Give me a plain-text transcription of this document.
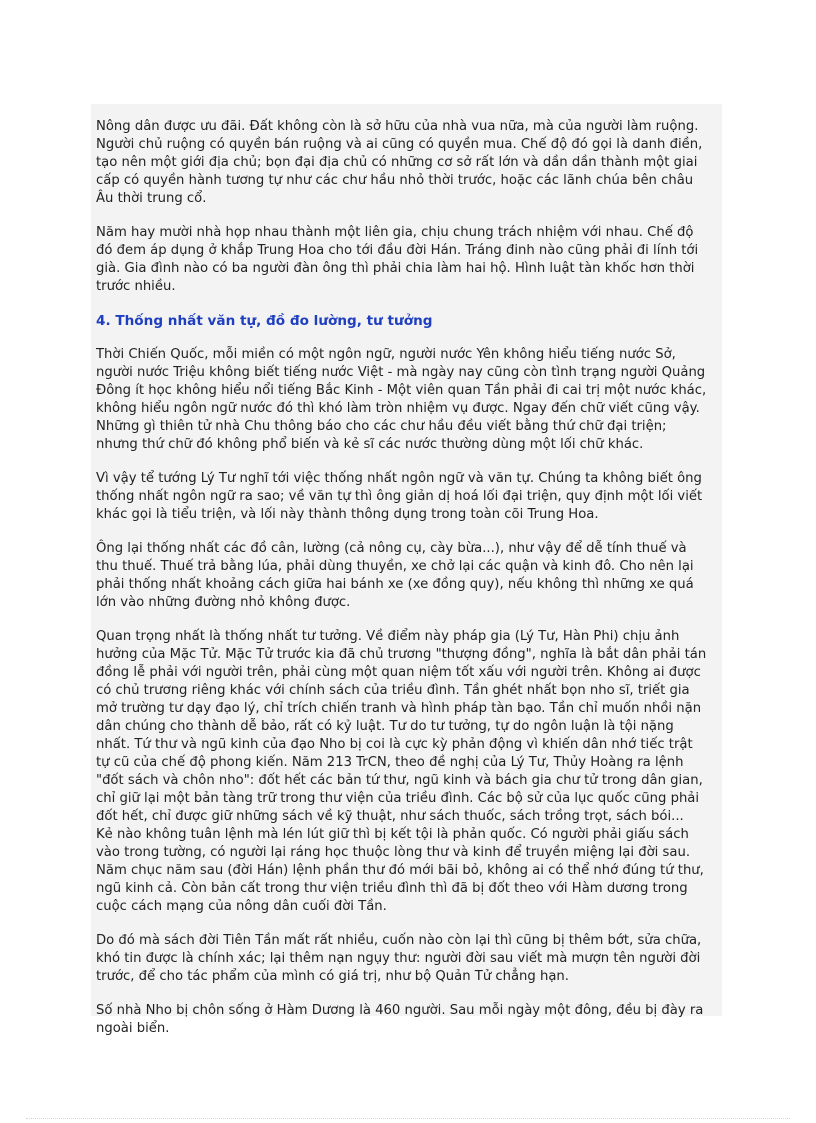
Nông dân được ưu đãi. Đất không còn là sở hữu của nhà vua nữa, mà của người làm ruộng.
Người chủ ruộng có quyền bán ruộng và ai cũng có quyền mua. Chế độ đó gọi là danh điền,
tạo nên một giới địa chủ; bọn đại địa chủ có những cơ sở rất lớn và dần dần thành một giai
cấp có quyền hành tương tự như các chư hầu nhỏ thời trước, hoặc các lãnh chúa bên châu
Âu thời trung cổ.

Năm hay mười nhà họp nhau thành một liên gia, chịu chung trách nhiệm với nhau. Chế độ
đó đem áp dụng ở khắp Trung Hoa cho tới đầu đời Hán. Tráng đinh nào cũng phải đi lính tới
già. Gia đình nào có ba người đàn ông thì phải chia làm hai hộ. Hình luật tàn khốc hơn thời
trước nhiều.

4. Thống nhất văn tự, đồ đo lường, tư tưởng

Thời Chiến Quốc, mỗi miền có một ngôn ngữ, người nước Yên không hiểu tiếng nước Sở,
người nước Triệu không biết tiếng nước Việt - mà ngày nay cũng còn tình trạng người Quảng
Đông ít học không hiểu nổi tiếng Bắc Kinh - Một viên quan Tần phải đi cai trị một nước khác,
không hiểu ngôn ngữ nước đó thì khó làm tròn nhiệm vụ được. Ngay đến chữ viết cũng vậy.
Những gì thiên tử nhà Chu thông báo cho các chư hầu đều viết bằng thứ chữ đại triện;
nhưng thứ chữ đó không phổ biến và kẻ sĩ các nước thường dùng một lối chữ khác.

Vì vậy tể tướng Lý Tư nghĩ tới việc thống nhất ngôn ngữ và văn tự. Chúng ta không biết ông
thống nhất ngôn ngữ ra sao; về văn tự thì ông giản dị hoá lối đại triện, quy định một lối viết
khác gọi là tiểu triện, và lối này thành thông dụng trong toàn cõi Trung Hoa.

Ông lại thống nhất các đồ cân, lường (cả nông cụ, cày bừa...), như vậy để dễ tính thuế và
thu thuế. Thuế trả bằng lúa, phải dùng thuyền, xe chở lại các quận và kinh đô. Cho nên lại
phải thống nhất khoảng cách giữa hai bánh xe (xe đồng quy), nếu không thì những xe quá
lớn vào những đường nhỏ không được.

Quan trọng nhất là thống nhất tư tưởng. Về điểm này pháp gia (Lý Tư, Hàn Phi) chịu ảnh
hưởng của Mặc Tử. Mặc Tử trước kia đã chủ trương "thượng đồng", nghĩa là bắt dân phải tán
đồng lễ phải với người trên, phải cùng một quan niệm tốt xấu với người trên. Không ai được
có chủ trương riêng khác với chính sách của triều đình. Tần ghét nhất bọn nho sĩ, triết gia
mở trường tư dạy đạo lý, chỉ trích chiến tranh và hình pháp tàn bạo. Tần chỉ muốn nhồi nặn
dân chúng cho thành dễ bảo, rất có kỷ luật. Tư do tư tưởng, tự do ngôn luận là tội nặng
nhất. Tứ thư và ngũ kinh của đạo Nho bị coi là cực kỳ phản động vì khiến dân nhớ tiếc trật
tự cũ của chế độ phong kiến. Năm 213 TrCN, theo đề nghị của Lý Tư, Thủy Hoàng ra lệnh
"đốt sách và chôn nho": đốt hết các bản tứ thư, ngũ kinh và bách gia chư tử trong dân gian,
chỉ giữ lại một bản tàng trữ trong thư viện của triều đình. Các bộ sử của lục quốc cũng phải
đốt hết, chỉ được giữ những sách về kỹ thuật, như sách thuốc, sách trồng trọt, sách bói...
Kẻ nào không tuân lệnh mà lén lút giữ thì bị kết tội là phản quốc. Có người phải giấu sách
vào trong tường, có người lại ráng học thuộc lòng thư và kinh để truyền miệng lại đời sau.
Năm chục năm sau (đời Hán) lệnh phần thư đó mới bãi bỏ, không ai có thể nhớ đúng tứ thư,
ngũ kinh cả. Còn bản cất trong thư viện triều đình thì đã bị đốt theo với Hàm dương trong
cuộc cách mạng của nông dân cuối đời Tần.

Do đó mà sách đời Tiên Tần mất rất nhiều, cuốn nào còn lại thì cũng bị thêm bớt, sửa chữa,
khó tin được là chính xác; lại thêm nạn ngụy thư: người đời sau viết mà mượn tên người đời
trước, để cho tác phẩm của mình có giá trị, như bộ Quản Tử chẳng hạn.

Số nhà Nho bị chôn sống ở Hàm Dương là 460 người. Sau mỗi ngày một đông, đều bị đày ra
ngoài biển.
